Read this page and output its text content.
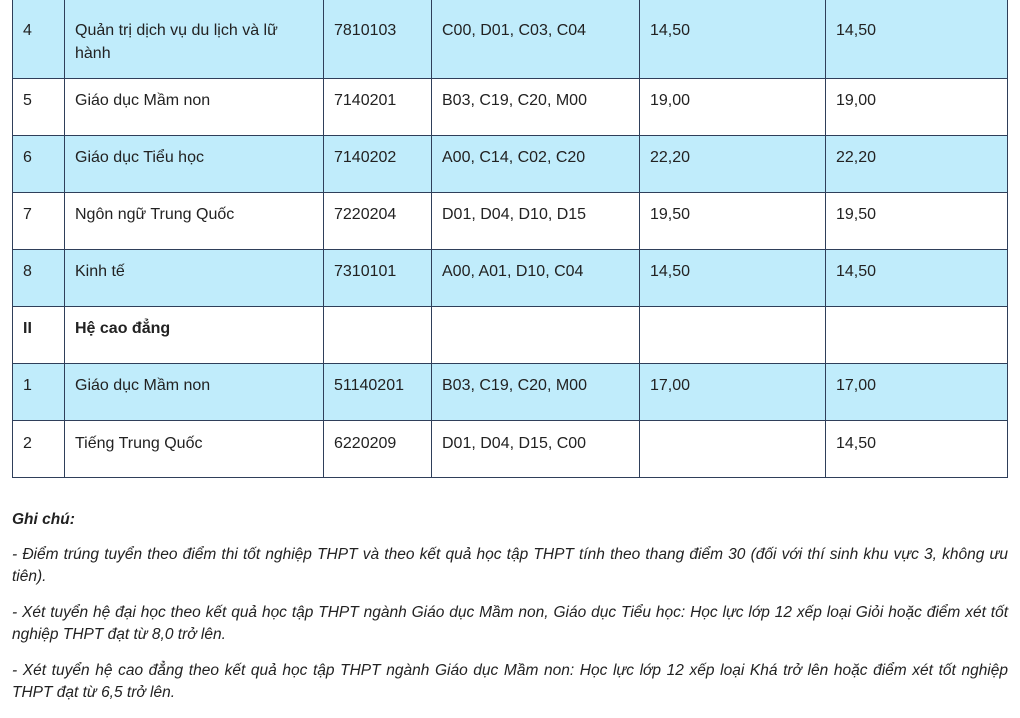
4	Quản trị dịch vụ du lịch và lữ hành	7810103	C00, D01, C03, C04	14,50	14,50
5	Giáo dục Mầm non	7140201	B03, C19, C20, M00	19,00	19,00
6	Giáo dục Tiểu học	7140202	A00, C14, C02, C20	22,20	22,20
7	Ngôn ngữ Trung Quốc	7220204	D01, D04, D10, D15	19,50	19,50
8	Kinh tế	7310101	A00, A01, D10, C04	14,50	14,50
II	Hệ cao đẳng				
1	Giáo dục Mầm non	51140201	B03, C19, C20, M00	17,00	17,00
2	Tiếng Trung Quốc	6220209	D01, D04, D15, C00		14,50

Ghi chú:

- Điểm trúng tuyển theo điểm thi tốt nghiệp THPT và theo kết quả học tập THPT tính theo thang điểm 30 (đối với thí sinh khu vực 3, không ưu tiên).

- Xét tuyển hệ đại học theo kết quả học tập THPT ngành Giáo dục Mầm non, Giáo dục Tiểu học: Học lực lớp 12 xếp loại Giỏi hoặc điểm xét tốt nghiệp THPT đạt từ 8,0 trở lên.

- Xét tuyển hệ cao đẳng theo kết quả học tập THPT ngành Giáo dục Mầm non: Học lực lớp 12 xếp loại Khá trở lên hoặc điểm xét tốt nghiệp THPT đạt từ 6,5 trở lên.
